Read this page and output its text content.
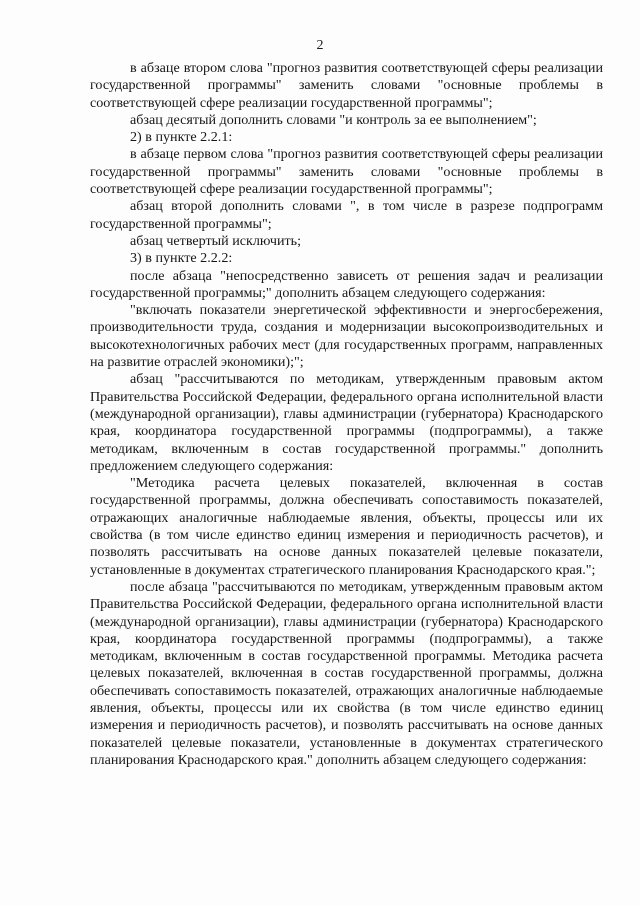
2

в абзаце втором слова "прогноз развития соответствующей сферы реализации государственной программы" заменить словами "основные проблемы в соответствующей сфере реализации государственной программы";

абзац десятый дополнить словами "и контроль за ее выполнением";

2) в пункте 2.2.1:

в абзаце первом слова "прогноз развития соответствующей сферы реализации государственной программы" заменить словами "основные проблемы в соответствующей сфере реализации государственной программы";

абзац второй дополнить словами ", в том числе в разрезе подпрограмм государственной программы";

абзац четвертый исключить;

3) в пункте 2.2.2:

после абзаца "непосредственно зависеть от решения задач и реализации государственной программы;" дополнить абзацем следующего содержания:

"включать показатели энергетической эффективности и энергосбережения, производительности труда, создания и модернизации высокопроизводительных и высокотехнологичных рабочих мест (для государственных программ, направленных на развитие отраслей экономики);";

абзац "рассчитываются по методикам, утвержденным правовым актом Правительства Российской Федерации, федерального органа исполнительной власти (международной организации), главы администрации (губернатора) Краснодарского края, координатора государственной программы (подпрограммы), а также методикам, включенным в состав государственной программы." дополнить предложением следующего содержания:

"Методика расчета целевых показателей, включенная в состав государственной программы, должна обеспечивать сопоставимость показателей, отражающих аналогичные наблюдаемые явления, объекты, процессы или их свойства (в том числе единство единиц измерения и периодичность расчетов), и позволять рассчитывать на основе данных показателей целевые показатели, установленные в документах стратегического планирования Краснодарского края.";

после абзаца "рассчитываются по методикам, утвержденным правовым актом Правительства Российской Федерации, федерального органа исполнительной власти (международной организации), главы администрации (губернатора) Краснодарского края, координатора государственной программы (подпрограммы), а также методикам, включенным в состав государственной программы. Методика расчета целевых показателей, включенная в состав государственной программы, должна обеспечивать сопоставимость показателей, отражающих аналогичные наблюдаемые явления, объекты, процессы или их свойства (в том числе единство единиц измерения и периодичность расчетов), и позволять рассчитывать на основе данных показателей целевые показатели, установленные в документах стратегического планирования Краснодарского края." дополнить абзацем следующего содержания:
